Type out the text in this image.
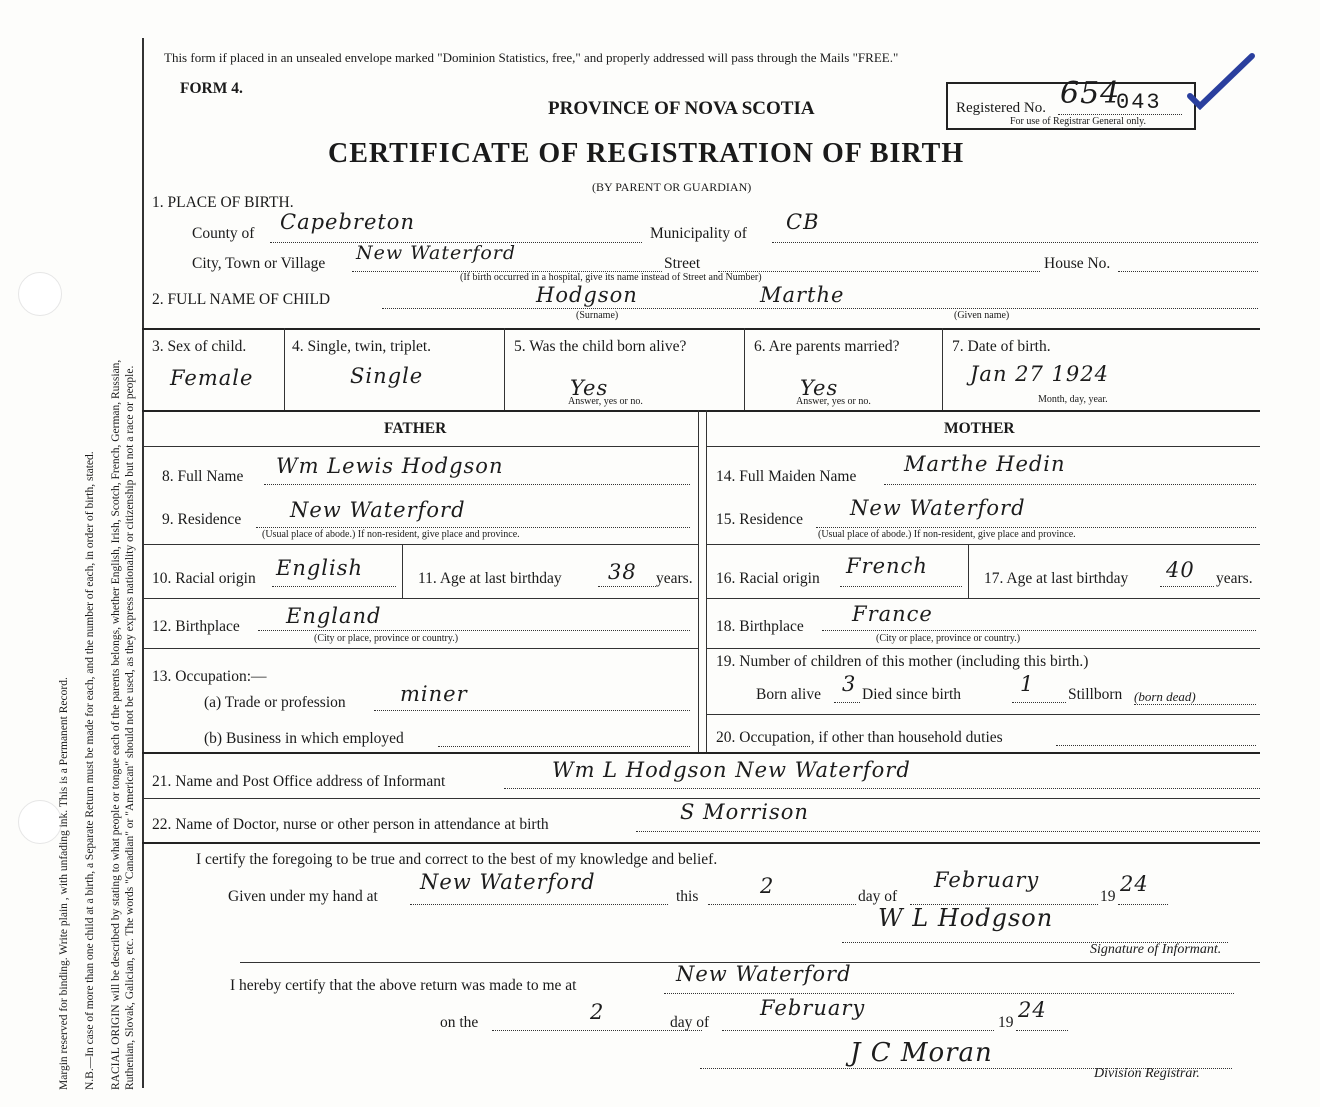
Margin reserved for binding. Write plain , with unfading ink. This is a Permanent Record. N.B.—In case of more than one child at a birth, a Separate Return must be made for each, and the number of each, in order of birth, stated. RACIAL ORIGIN will be described by stating to what people or tongue each of the parents belongs, whether English, Irish, Scotch, French, German, Russian, Ruthenian, Slovak, Galician, etc. The words "Canadian" or "American" should not be used, as they express nationality or citizenship but not a race or people.
This form if placed in an unsealed envelope marked "Dominion Statistics, free," and properly addressed will pass through the Mails "FREE."
FORM 4.
PROVINCE OF NOVA SCOTIA
CERTIFICATE OF REGISTRATION OF BIRTH
(BY PARENT OR GUARDIAN)
Registered No. 654
043
For use of Registrar General only.
1. PLACE OF BIRTH.
County of Capebreton	Municipality of CB
City, Town or Village New Waterford	Street	House No.
(If birth occurred in a hospital, give its name instead of Street and Number)
2. FULL NAME OF CHILD	Hodgson	Marthe
(Surname)	(Given name)
3. Sex of child.
Female
4. Single, twin, triplet.
Single
5. Was the child born alive?
Yes
Answer, yes or no.
6. Are parents married?
Yes
Answer, yes or no.
7. Date of birth.
Jan 27 1924
Month, day, year.
FATHER
8. Full Name Wm Lewis Hodgson
9. Residence New Waterford
(Usual place of abode.) If non-resident, give place and province.
10. Racial origin English	11. Age at last birthday 38 years.
12. Birthplace England
(City or place, province or country.)
13. Occupation:—
(a) Trade or profession	miner
(b) Business in which employed
MOTHER
14. Full Maiden Name
Marthe Hedin
15. Residence New Waterford
(Usual place of abode.) If non-resident, give place and province.
16. Racial origin
French
17. Age at last birthday 40 years.
18. Birthplace
France
(City or place, province or country.)
19. Number of children of this mother (including this birth.)
Born alive 3 Died since birth	1 Stillborn (born dead)
20. Occupation, if other than household duties
21. Name and Post Office address of Informant	Wm L Hodgson New Waterford
22. Name of Doctor, nurse or other person in attendance at birth
S Morrison
I certify the foregoing to be true and correct to the best of my knowledge and belief.
Given under my hand at
New Waterford
this	2	day of
February
19
24
W L Hodgson
Signature of Informant.
I hereby certify that the above return was made to me at	New Waterford
on the	2	day of
February
19
24
J C Moran
Division Registrar.
